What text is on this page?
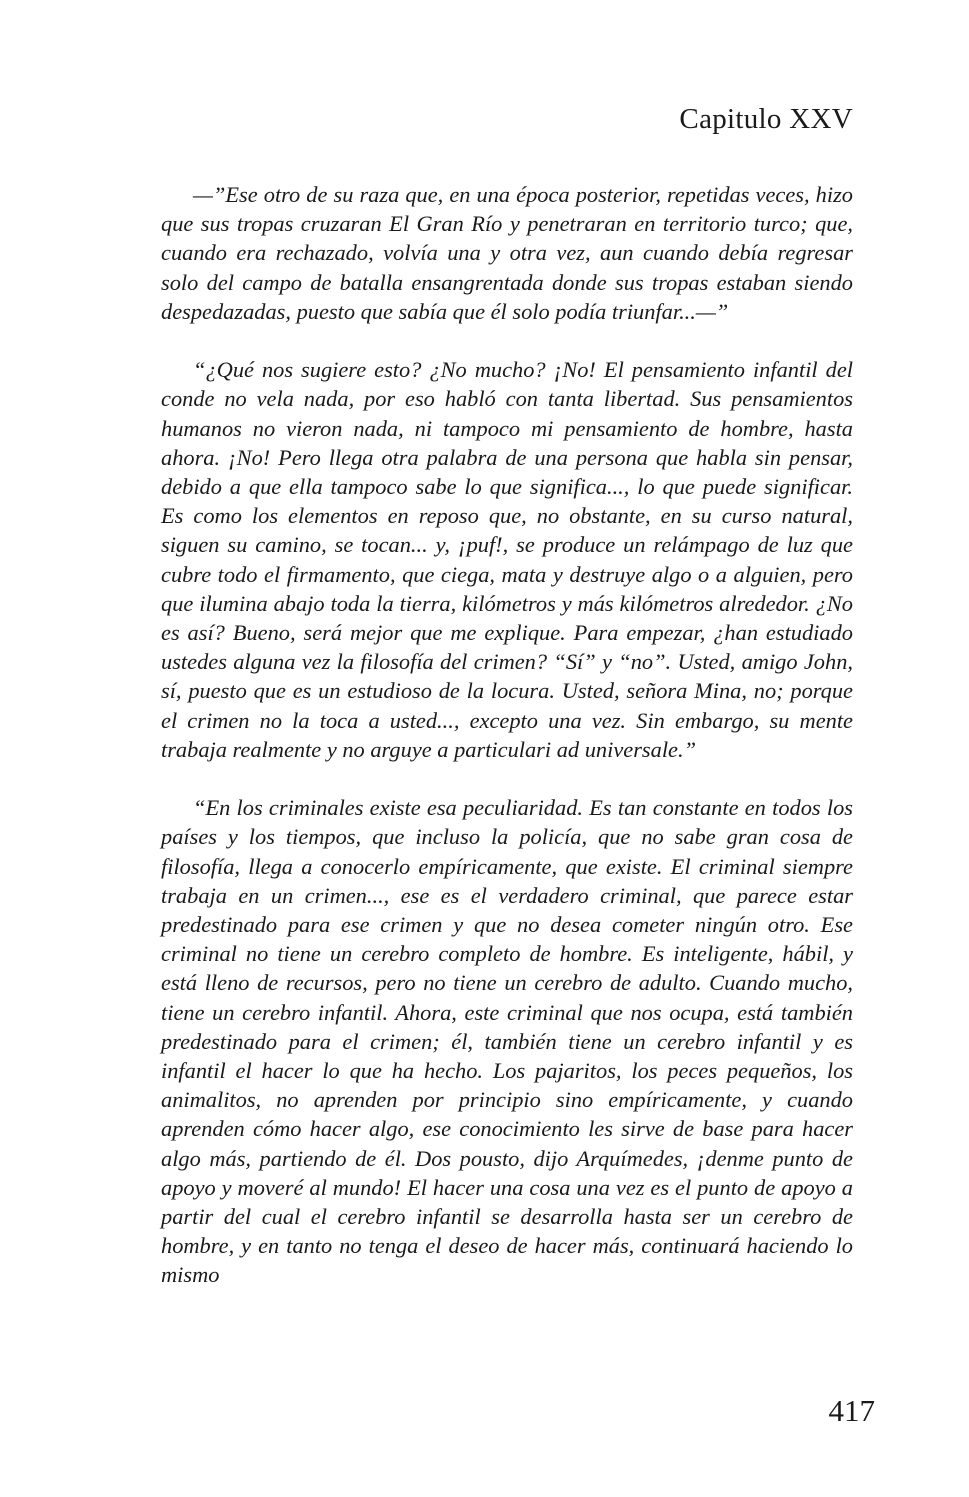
Capitulo XXV

—”Ese otro de su raza que, en una época posterior, repetidas veces, hizo que sus tropas cruzaran El Gran Río y penetraran en territorio turco; que, cuando era rechazado, volvía una y otra vez, aun cuando debía regresar solo del campo de batalla ensangrentada donde sus tropas estaban siendo despedazadas, puesto que sabía que él solo podía triunfar...—”

“¿Qué nos sugiere esto? ¿No mucho? ¡No! El pensamiento infantil del conde no vela nada, por eso habló con tanta libertad. Sus pensamientos humanos no vieron nada, ni tampoco mi pensamiento de hombre, hasta ahora. ¡No! Pero llega otra palabra de una persona que habla sin pensar, debido a que ella tampoco sabe lo que significa..., lo que puede significar. Es como los elementos en reposo que, no obstante, en su curso natural, siguen su camino, se tocan... y, ¡puf!, se produce un relámpago de luz que cubre todo el firmamento, que ciega, mata y destruye algo o a alguien, pero que ilumina abajo toda la tierra, kilómetros y más kilómetros alrededor. ¿No es así? Bueno, será mejor que me explique. Para empezar, ¿han estudiado ustedes alguna vez la filosofía del crimen? “Sí” y “no”. Usted, amigo John, sí, puesto que es un estudioso de la locura. Usted, señora Mina, no; porque el crimen no la toca a usted..., excepto una vez. Sin embargo, su mente trabaja realmente y no arguye a particulari ad universale.”

“En los criminales existe esa peculiaridad. Es tan constante en todos los países y los tiempos, que incluso la policía, que no sabe gran cosa de filosofía, llega a conocerlo empíricamente, que existe. El criminal siempre trabaja en un crimen..., ese es el verdadero criminal, que parece estar predestinado para ese crimen y que no desea cometer ningún otro. Ese criminal no tiene un cerebro completo de hombre. Es inteligente, hábil, y está lleno de recursos, pero no tiene un cerebro de adulto. Cuando mucho, tiene un cerebro infantil. Ahora, este criminal que nos ocupa, está también predestinado para el crimen; él, también tiene un cerebro infantil y es infantil el hacer lo que ha hecho. Los pajaritos, los peces pequeños, los animalitos, no aprenden por principio sino empíricamente, y cuando aprenden cómo hacer algo, ese conocimiento les sirve de base para hacer algo más, partiendo de él. Dos pousto, dijo Arquímedes, ¡denme punto de apoyo y moveré al mundo! El hacer una cosa una vez es el punto de apoyo a partir del cual el cerebro infantil se desarrolla hasta ser un cerebro de hombre, y en tanto no tenga el deseo de hacer más, continuará haciendo lo mismo

417
